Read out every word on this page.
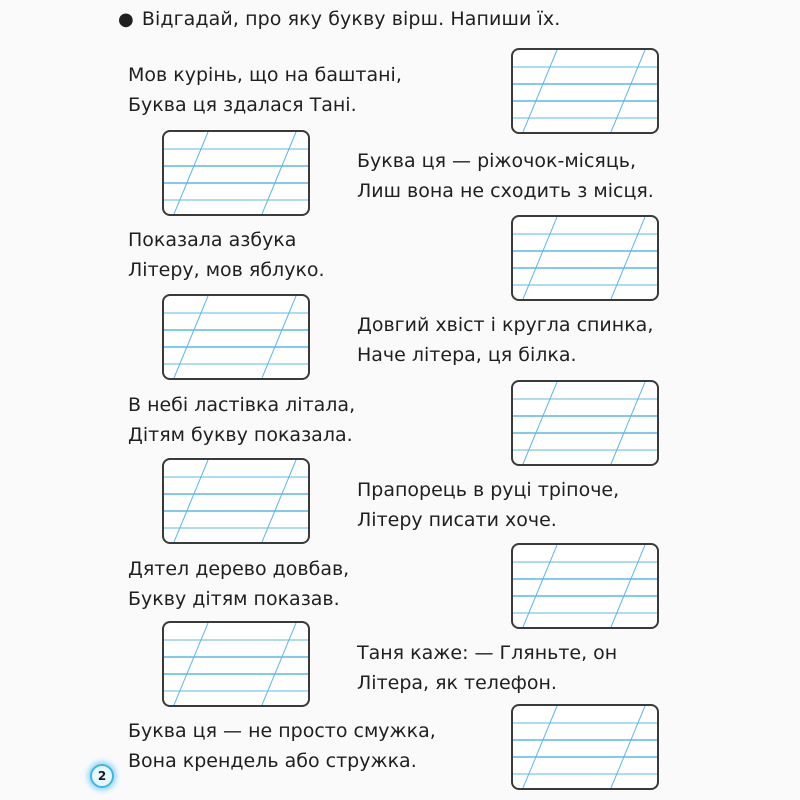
● Відгадай, про яку букву вірш. Напиши їх.
Мов курінь, що на баштані,
Буква ця здалася Тані.
Буква ця — ріжочок-місяць,
Лиш вона не сходить з місця.
Показала азбука
Літеру, мов яблуко.
Довгий хвіст і кругла спинка,
Наче літера, ця білка.
В небі ластівка літала,
Дітям букву показала.
Прапорець в руці тріпоче,
Літеру писати хоче.
Дятел дерево довбав,
Букву дітям показав.
Таня каже: — Гляньте, он
Літера, як телефон.
Буква ця — не просто смужка,
Вона крендель або стружка.
2
